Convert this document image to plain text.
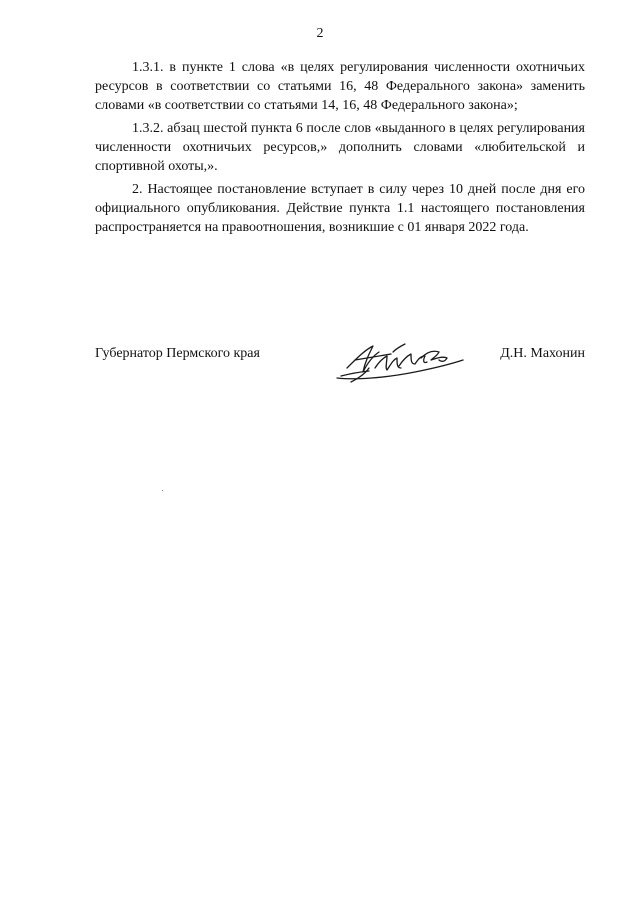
2

1.3.1. в пункте 1 слова «в целях регулирования численности охотничьих ресурсов в соответствии со статьями 16, 48 Федерального закона» заменить словами «в соответствии со статьями 14, 16, 48 Федерального закона»;

1.3.2. абзац шестой пункта 6 после слов «выданного в целях регулирования численности охотничьих ресурсов,» дополнить словами «любительской и спортивной охоты,».

2. Настоящее постановление вступает в силу через 10 дней после дня его официального опубликования. Действие пункта 1.1 настоящего постановления распространяется на правоотношения, возникшие с 01 января 2022 года.

Губернатор Пермского края	Д.Н. Махонин
